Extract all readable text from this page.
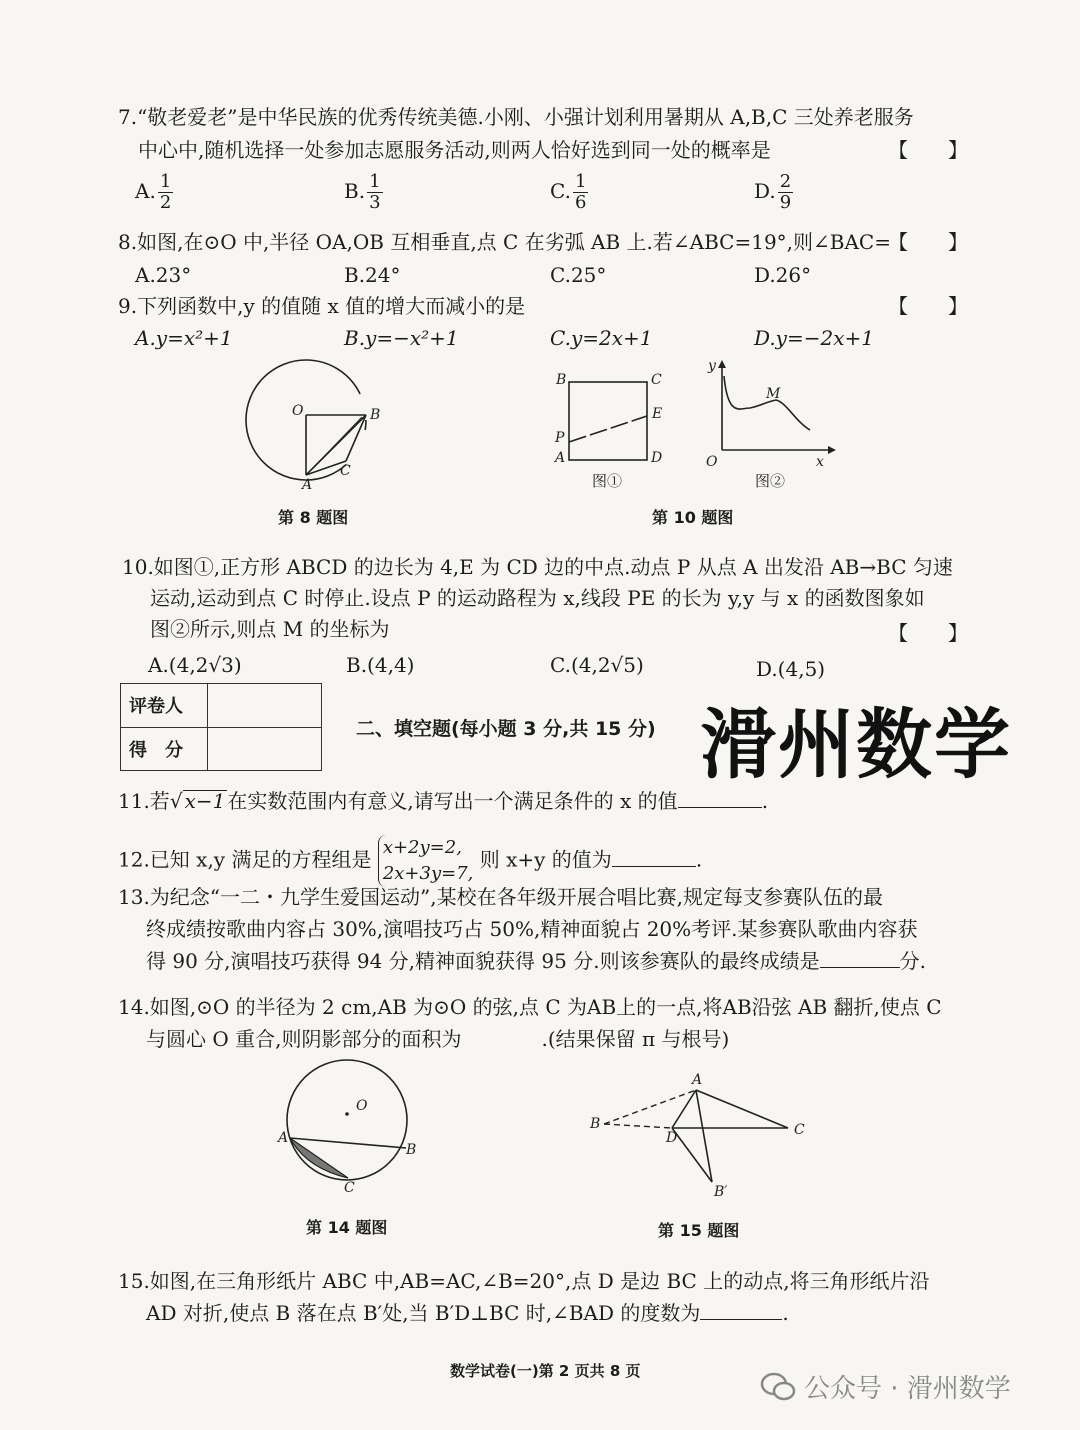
7.“敬老爱老”是中华民族的优秀传统美德.小刚、小强计划利用暑期从 A,B,C 三处养老服务
中心中,随机选择一处参加志愿服务活动,则两人恰好选到同一处的概率是	【　　】
A. $\frac{1}{2}$	B. $\frac{1}{3}$	C. $\frac{1}{6}$	D. $\frac{2}{9}$
8.如图,在⊙O 中,半径 OA,OB 互相垂直,点 C 在劣弧 AB 上.若∠ABC=19°,则∠BAC=
【　　】
A.23°	B.24°	C.25°	D.26°
9.下列函数中,y 的值随 x 值的增大而减小的是	【　　】
A.y=x²+1	B.y=−x²+1	C.y=2x+1	D.y=−2x+1
O	B
A
C
第 8 题图
B	C
E
P
A	D
图①
y
M
O	x
图②
第 10 题图
10.如图①,正方形 ABCD 的边长为 4,E 为 CD 边的中点.动点 P 从点 A 出发沿 AB→BC 匀速
运动,运动到点 C 时停止.设点 P 的运动路程为 x,线段 PE 的长为 y,y 与 x 的函数图象如
图②所示,则点 M 的坐标为	【　　】
A.(4,2√3)	B.(4,4)	C.(4,2√5)	D.(4,5)
评卷人	
得　分	
二、填空题(每小题 3 分,共 15 分) 滑州数学
11.若√ x−1 在实数范围内有意义,请写出一个满足条件的 x 的值	.
12.已知 x,y 满足的方程组是 x+2y=2,
2x+3y=7, 则 x+y 的值为	.
13.为纪念“一二・九学生爱国运动”,某校在各年级开展合唱比赛,规定每支参赛队伍的最
终成绩按歌曲内容占 30%,演唱技巧占 50%,精神面貌占 20%考评.某参赛队歌曲内容获
得 90 分,演唱技巧获得 94 分,精神面貌获得 95 分.则该参赛队的最终成绩是	分.
14.如图,⊙O 的半径为 2 cm,AB 为⊙O 的弦,点 C 为AB上的一点,将AB沿弦 AB 翻折,使点 C
与圆心 O 重合,则阴影部分的面积为	.(结果保留 π 与根号)
O
A
B
C
第 14 题图
A
B
D	C
B′
第 15 题图
15.如图,在三角形纸片 ABC 中,AB=AC,∠B=20°,点 D 是边 BC 上的动点,将三角形纸片沿
AD 对折,使点 B 落在点 B′处,当 B′D⊥BC 时,∠BAD 的度数为	.
数学试卷(一)第 2 页共 8 页
公众号 · 滑州数学
